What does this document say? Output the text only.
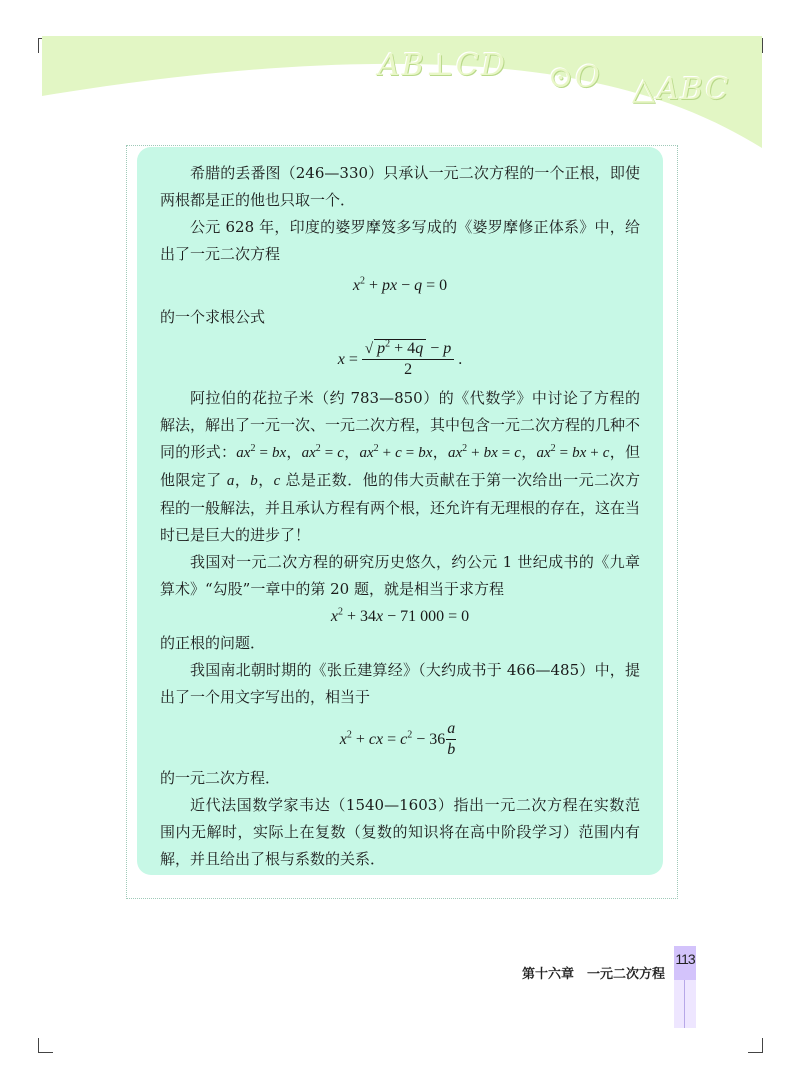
AB⊥CD ⊙O △ABC

希腊的丢番图（246—330）只承认一元二次方程的一个正根，即使两根都是正的他也只取一个．

公元 628 年，印度的婆罗摩笈多写成的《婆罗摩修正体系》中，给出了一元二次方程

$x^2$ + px − q = 0

的一个求根公式

$x = \frac{√ p^2 + 4q - p}{2}$ .

阿拉伯的花拉子米（约 783—850）的《代数学》中讨论了方程的解法，解出了一元一次、一元二次方程，其中包含一元二次方程的几种不同的形式：$ax^2$ = bx，$ax^2 = c$，$ax^2 + c$ = bx，$ax^2$ + bx = c，$ax^2$ = bx + c，但他限定了 a，b，c 总是正数．他的伟大贡献在于第一次给出一元二次方程的一般解法，并且承认方程有两个根，还允许有无理根的存在，这在当时已是巨大的进步了！

我国对一元二次方程的研究历史悠久，约公元 1 世纪成书的《九章算术》“勾股”一章中的第 20 题，就是相当于求方程

$x^2 + 34x - 71$ 000 = 0

的正根的问题．

我国南北朝时期的《张丘建算经》（大约成书于 466—485）中，提出了一个用文字写出的，相当于

$x^2$ + cx = $c^2 - 36 \frac{a}{b}$

的一元二次方程．

近代法国数学家韦达（1540—1603）指出一元二次方程在实数范围内无解时，实际上在复数（复数的知识将在高中阶段学习）范围内有解，并且给出了根与系数的关系．

第十六章　一元二次方程
113
